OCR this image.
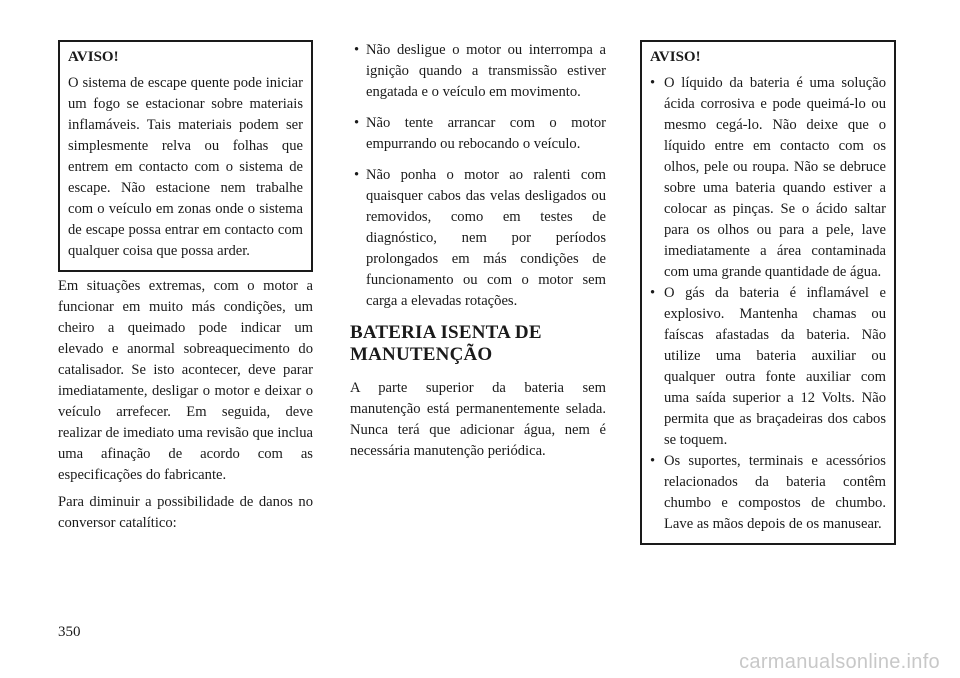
AVISO!

O sistema de escape quente pode iniciar um fogo se estacionar sobre materiais inflamáveis. Tais materiais podem ser simplesmente relva ou folhas que entrem em contacto com o sistema de escape. Não estacione nem trabalhe com o veículo em zonas onde o sistema de escape possa entrar em contacto com qualquer coisa que possa arder.

Em situações extremas, com o motor a funcionar em muito más condições, um cheiro a queimado pode indicar um elevado e anormal sobreaquecimento do catalisador. Se isto acontecer, deve parar imediatamente, desligar o motor e deixar o veículo arrefecer. Em seguida, deve realizar de imediato uma revisão que inclua uma afinação de acordo com as especificações do fabricante.

Para diminuir a possibilidade de danos no conversor catalítico:

• Não desligue o motor ou interrompa a ignição quando a transmissão estiver engatada e o veículo em movimento.
• Não tente arrancar com o motor empurrando ou rebocando o veículo.
• Não ponha o motor ao ralenti com quaisquer cabos das velas desligados ou removidos, como em testes de diagnóstico, nem por períodos prolongados em más condições de funcionamento ou com o motor sem carga a elevadas rotações.
BATERIA ISENTA DE
MANUTENÇÃO

A parte superior da bateria sem manutenção está permanentemente selada. Nunca terá que adicionar água, nem é necessária manutenção periódica.

AVISO!

• O líquido da bateria é uma solução ácida corrosiva e pode queimá-lo ou mesmo cegá-lo. Não deixe que o líquido entre em contacto com os olhos, pele ou roupa. Não se debruce sobre uma bateria quando estiver a colocar as pinças. Se o ácido saltar para os olhos ou para a pele, lave imediatamente a área contaminada com uma grande quantidade de água.
• O gás da bateria é inflamável e explosivo. Mantenha chamas ou faíscas afastadas da bateria. Não utilize uma bateria auxiliar ou qualquer outra fonte auxiliar com uma saída superior a 12 Volts. Não permita que as braçadeiras dos cabos se toquem.
• Os suportes, terminais e acessórios relacionados da bateria contêm chumbo e compostos de chumbo. Lave as mãos depois de os manusear.
350
carmanualsonline.info
